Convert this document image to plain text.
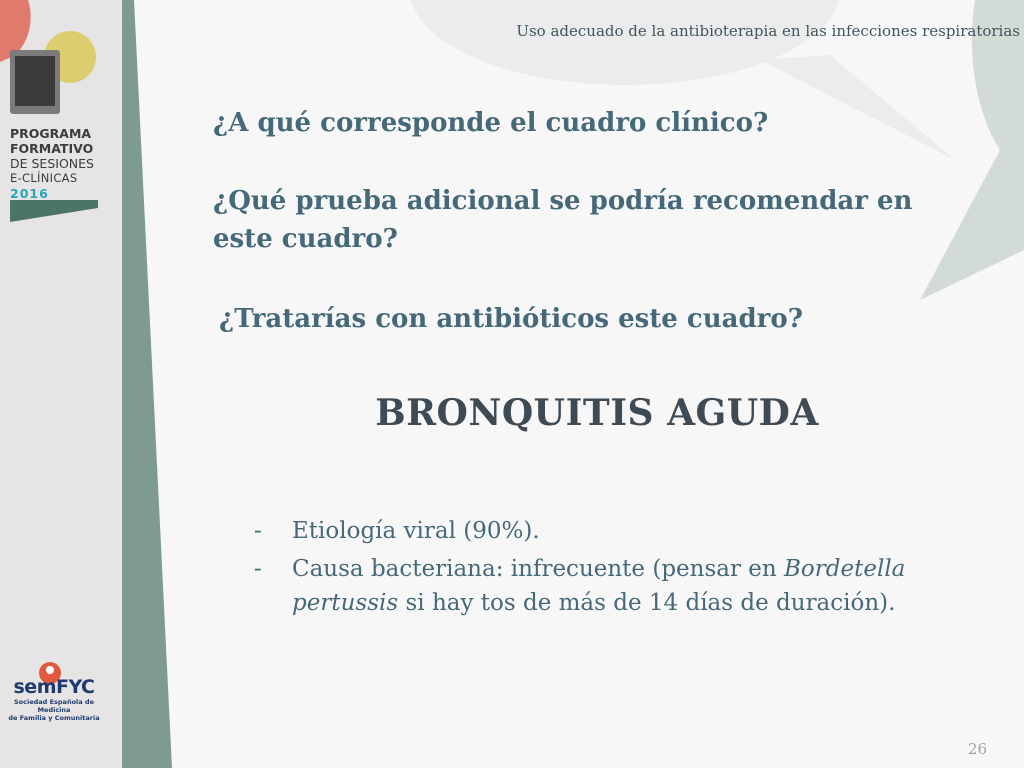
Uso adecuado de la antibioterapia en las infecciones respiratorias
PROGRAMA
FORMATIVO
DE SESIONES
E-CLÍNICAS
2016
semFYC
Sociedad Española de Medicina
de Familia y Comunitaria
¿A qué corresponde el cuadro clínico?
¿Qué prueba adicional se podría recomendar en este cuadro?
¿Tratarías con antibióticos este cuadro?
BRONQUITIS AGUDA
- Etiología viral (90%).
- Causa bacteriana: infrecuente (pensar en Bordetella pertussis si hay tos de más de 14 días de duración).
26
